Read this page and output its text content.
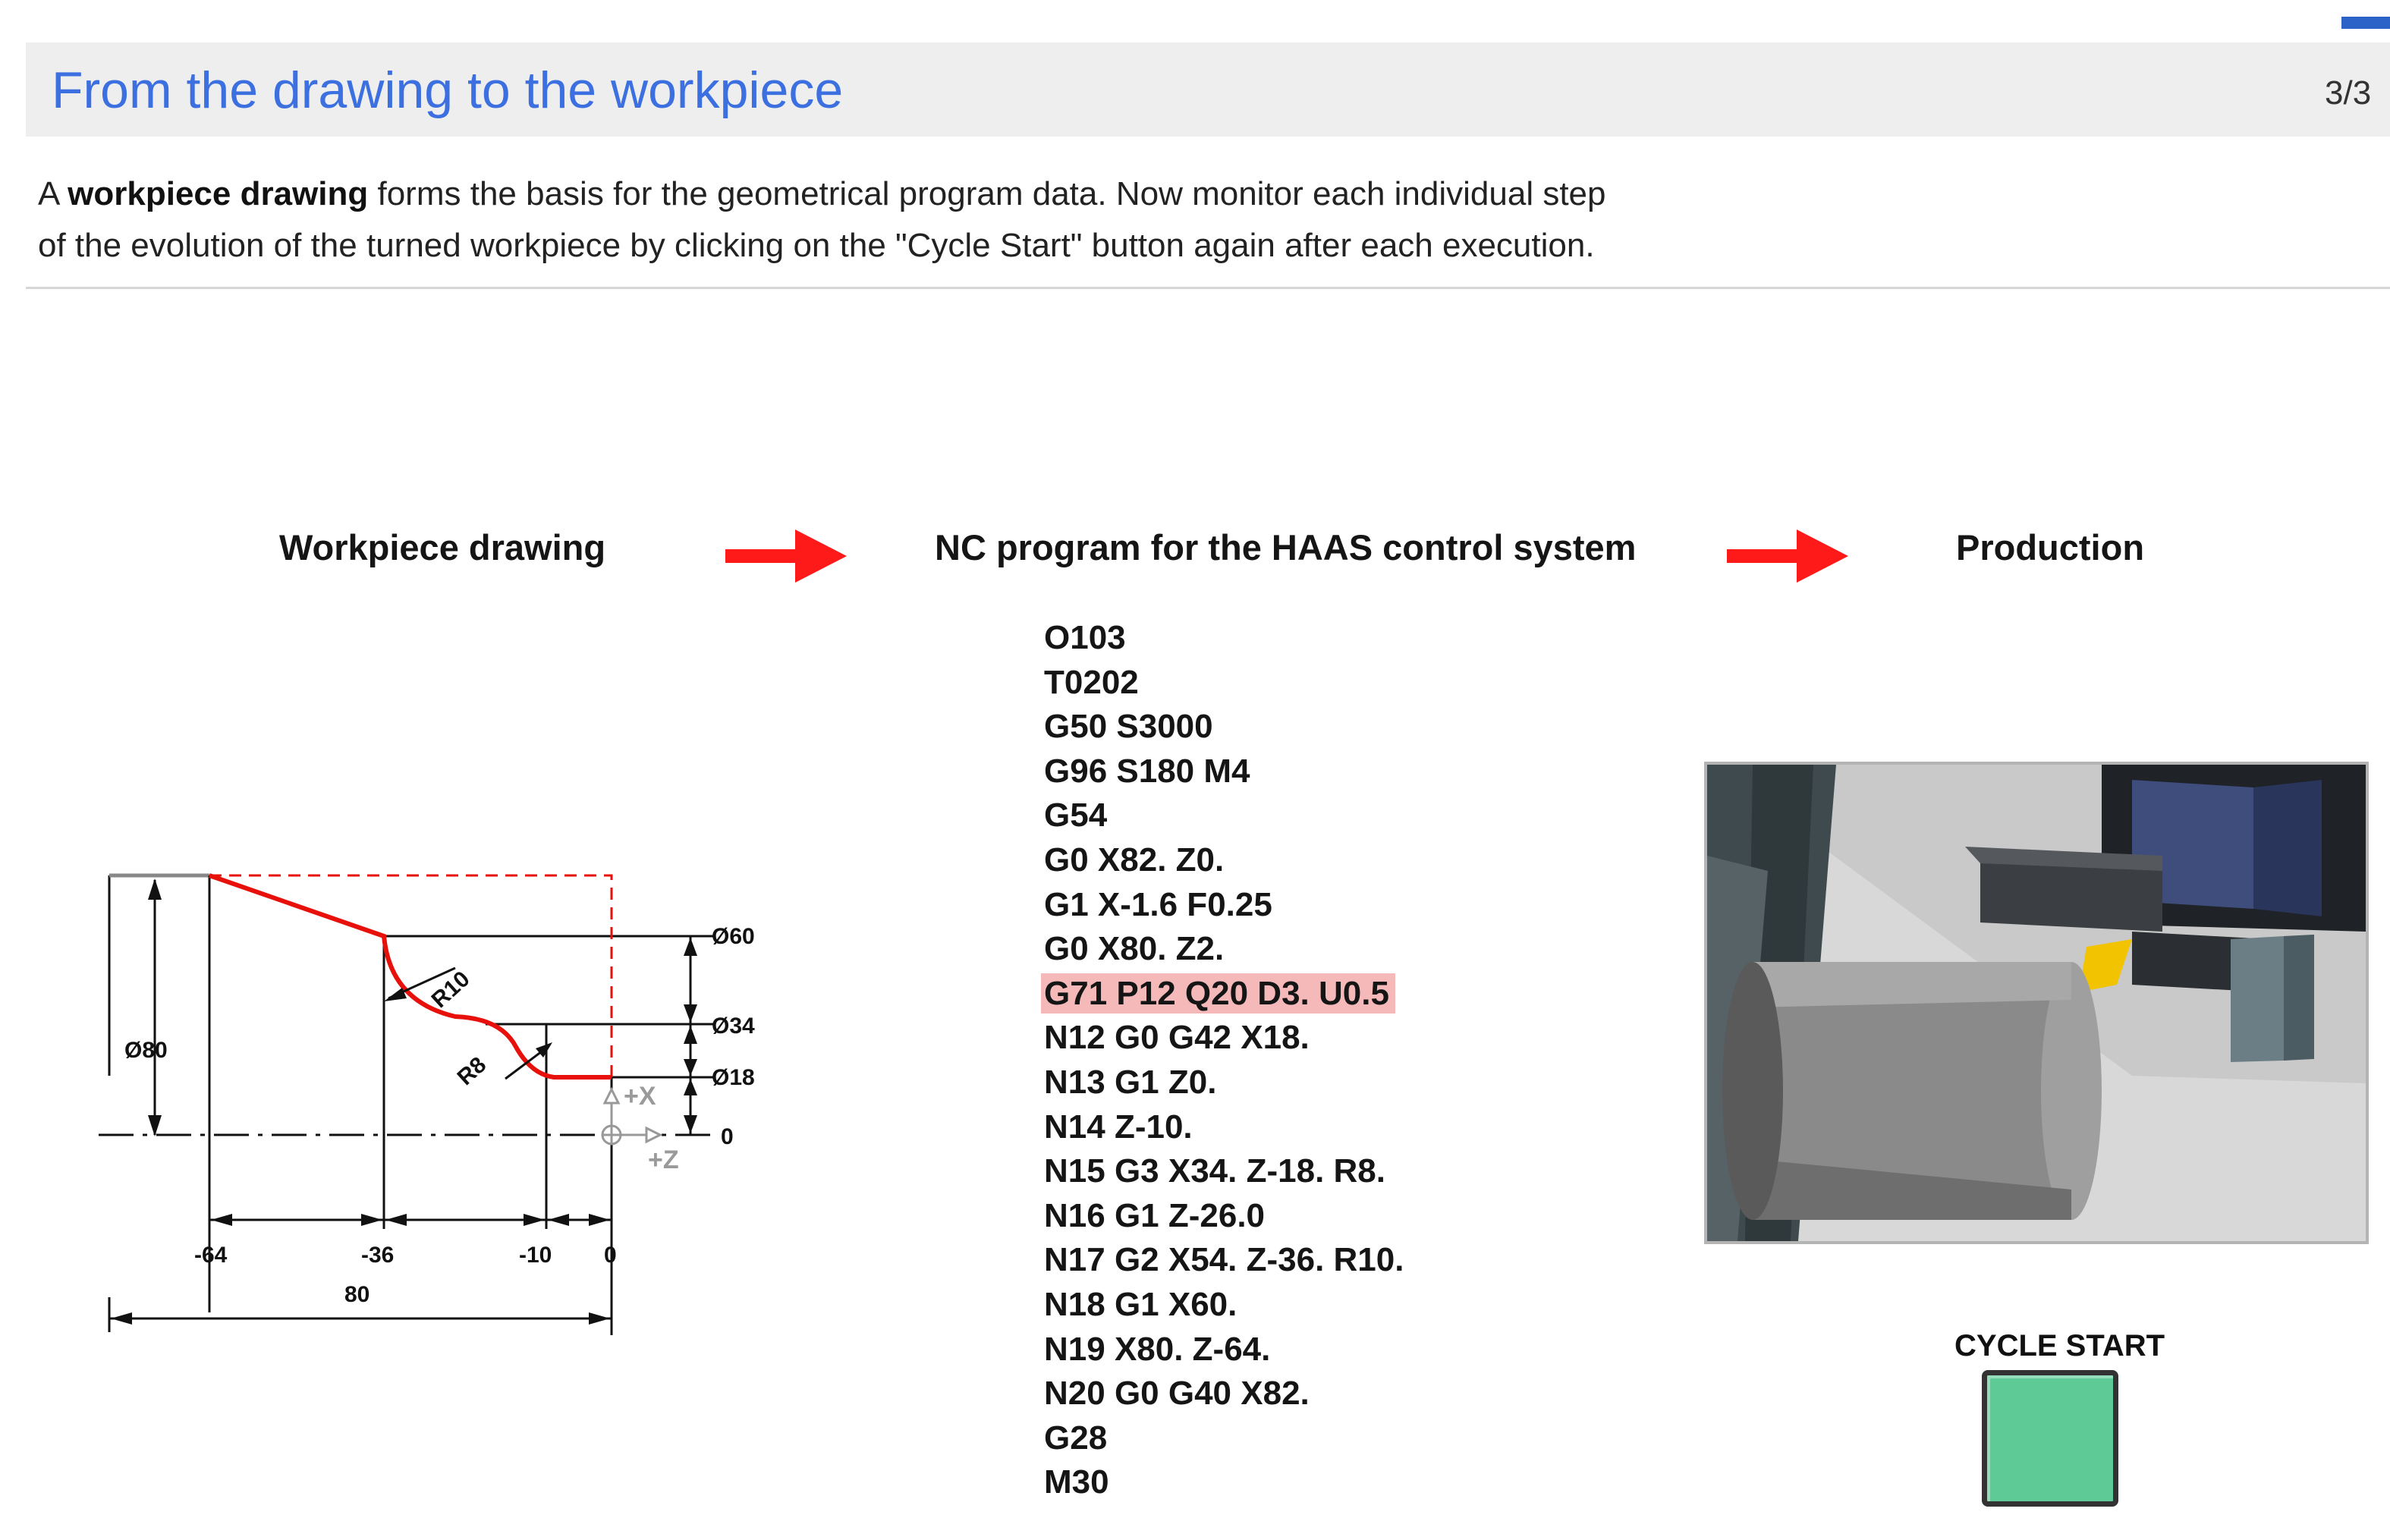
From the drawing to the workpiece	3/3
A workpiece drawing forms the basis for the geometrical program data. Now monitor each individual step
of the evolution of the turned workpiece by clicking on the "Cycle Start" button again after each execution.
Workpiece drawing	NC program for the HAAS control system	Production
O103
T0202
G50 S3000
G96 S180 M4
G54
G0 X82. Z0.
G1 X-1.6 F0.25
G0 X80. Z2.
G71 P12 Q20 D3. U0.5
N12 G0 G42 X18.
N13 G1 Z0.
N14 Z-10.
N15 G3 X34. Z-18. R8.
N16 G1 Z-26.0
N17 G2 X54. Z-36. R10.
N18 G1 X60.
N19 X80. Z-64.
N20 G0 G40 X82.
G28
M30
Ø80
Ø60
Ø34
Ø18
0
R10
R8
-64	-36	-10 0
80
+X
+Z
CYCLE START
